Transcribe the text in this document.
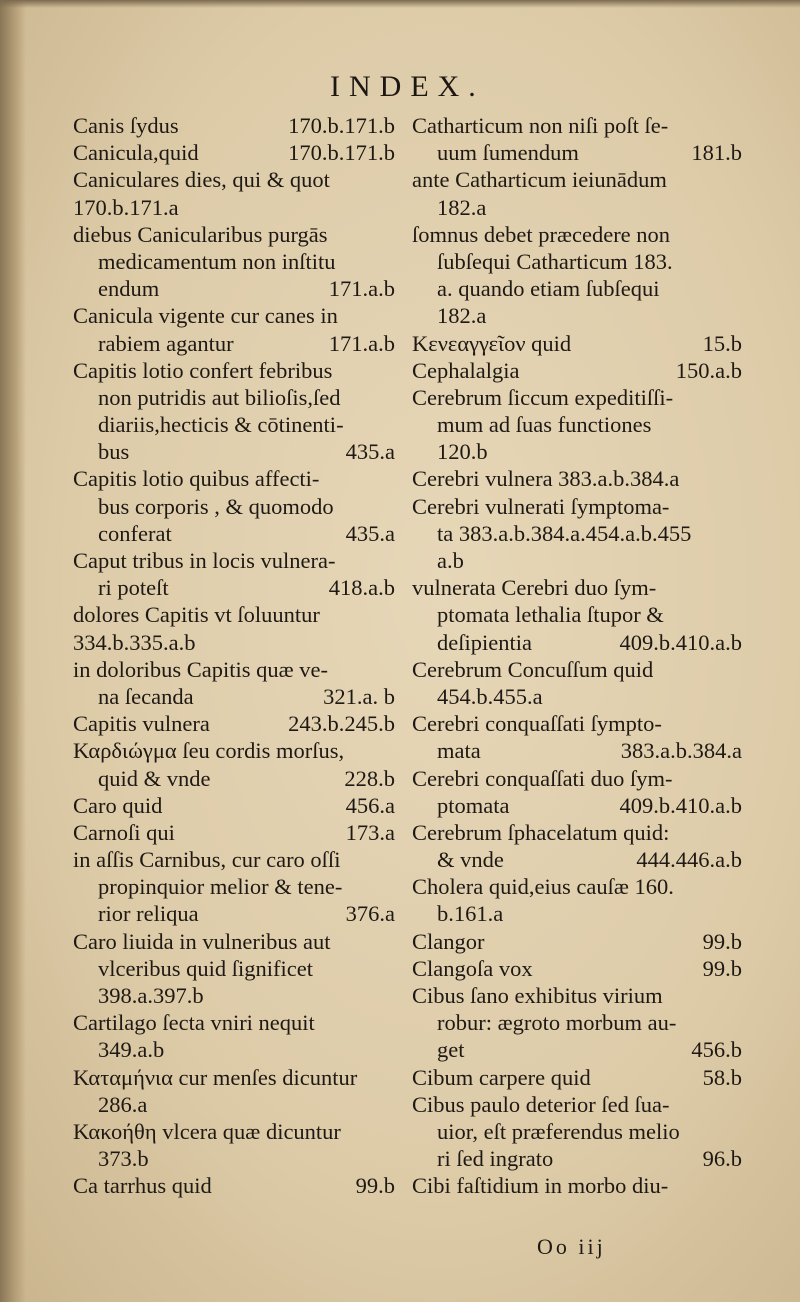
INDEX.
Canis ſydus	170.b.171.b
Canicula,quid	170.b.171.b
Caniculares dies, qui & quot
170.b.171.a
diebus Canicularibus purgās
medicamentum non inſtitu
endum	171.a.b
Canicula vigente cur canes in
rabiem agantur	171.a.b
Capitis lotio confert febribus
non putridis aut bilioſis,ſed
diariis,hecticis & cōtinenti-
bus	435.a
Capitis lotio quibus affecti-
bus corporis , & quomodo
conferat	435.a
Caput tribus in locis vulnera-
ri poteſt	418.a.b
dolores Capitis vt ſoluuntur
334.b.335.a.b
in doloribus Capitis quæ ve-
na ſecanda	321.a. b
Capitis vulnera	243.b.245.b
Καρδιώγμα ſeu cordis morſus,
quid & vnde	228.b
Caro quid	456.a
Carnoſi qui	173.a
in aſſis Carnibus, cur caro oſſi
propinquior melior & tene-
rior reliqua	376.a
Caro liuida in vulneribus aut
vlceribus quid ſignificet
398.a.397.b
Cartilago ſecta vniri nequit
349.a.b
Καταμήνια cur menſes dicuntur
286.a
Κακοήθη vlcera quæ dicuntur
373.b
Ca tarrhus quid	99.b
Catharticum non niſi poſt ſe-
uum ſumendum	181.b
ante Catharticum ieiunādum
182.a
ſomnus debet præcedere non
ſubſequi Catharticum 183.
a. quando etiam ſubſequi
182.a
Κενεαγγεῖον quid	15.b
Cephalalgia	150.a.b
Cerebrum ſiccum expeditiſſi-
mum ad ſuas functiones
120.b
Cerebri vulnera 383.a.b.384.a
Cerebri vulnerati ſymptoma-
ta 383.a.b.384.a.454.a.b.455
a.b
vulnerata Cerebri duo ſym-
ptomata lethalia ſtupor &
deſipientia	409.b.410.a.b
Cerebrum Concuſſum quid
454.b.455.a
Cerebri conquaſſati ſympto-
mata	383.a.b.384.a
Cerebri conquaſſati duo ſym-
ptomata	409.b.410.a.b
Cerebrum ſphacelatum quid:
& vnde	444.446.a.b
Cholera quid,eius cauſæ 160.
b.161.a
Clangor	99.b
Clangoſa vox	99.b
Cibus ſano exhibitus virium
robur: ægroto morbum au-
get	456.b
Cibum carpere quid	58.b
Cibus paulo deterior ſed ſua-
uior, eſt præferendus melio
ri ſed ingrato	96.b
Cibi faſtidium in morbo diu-
Oo iij
